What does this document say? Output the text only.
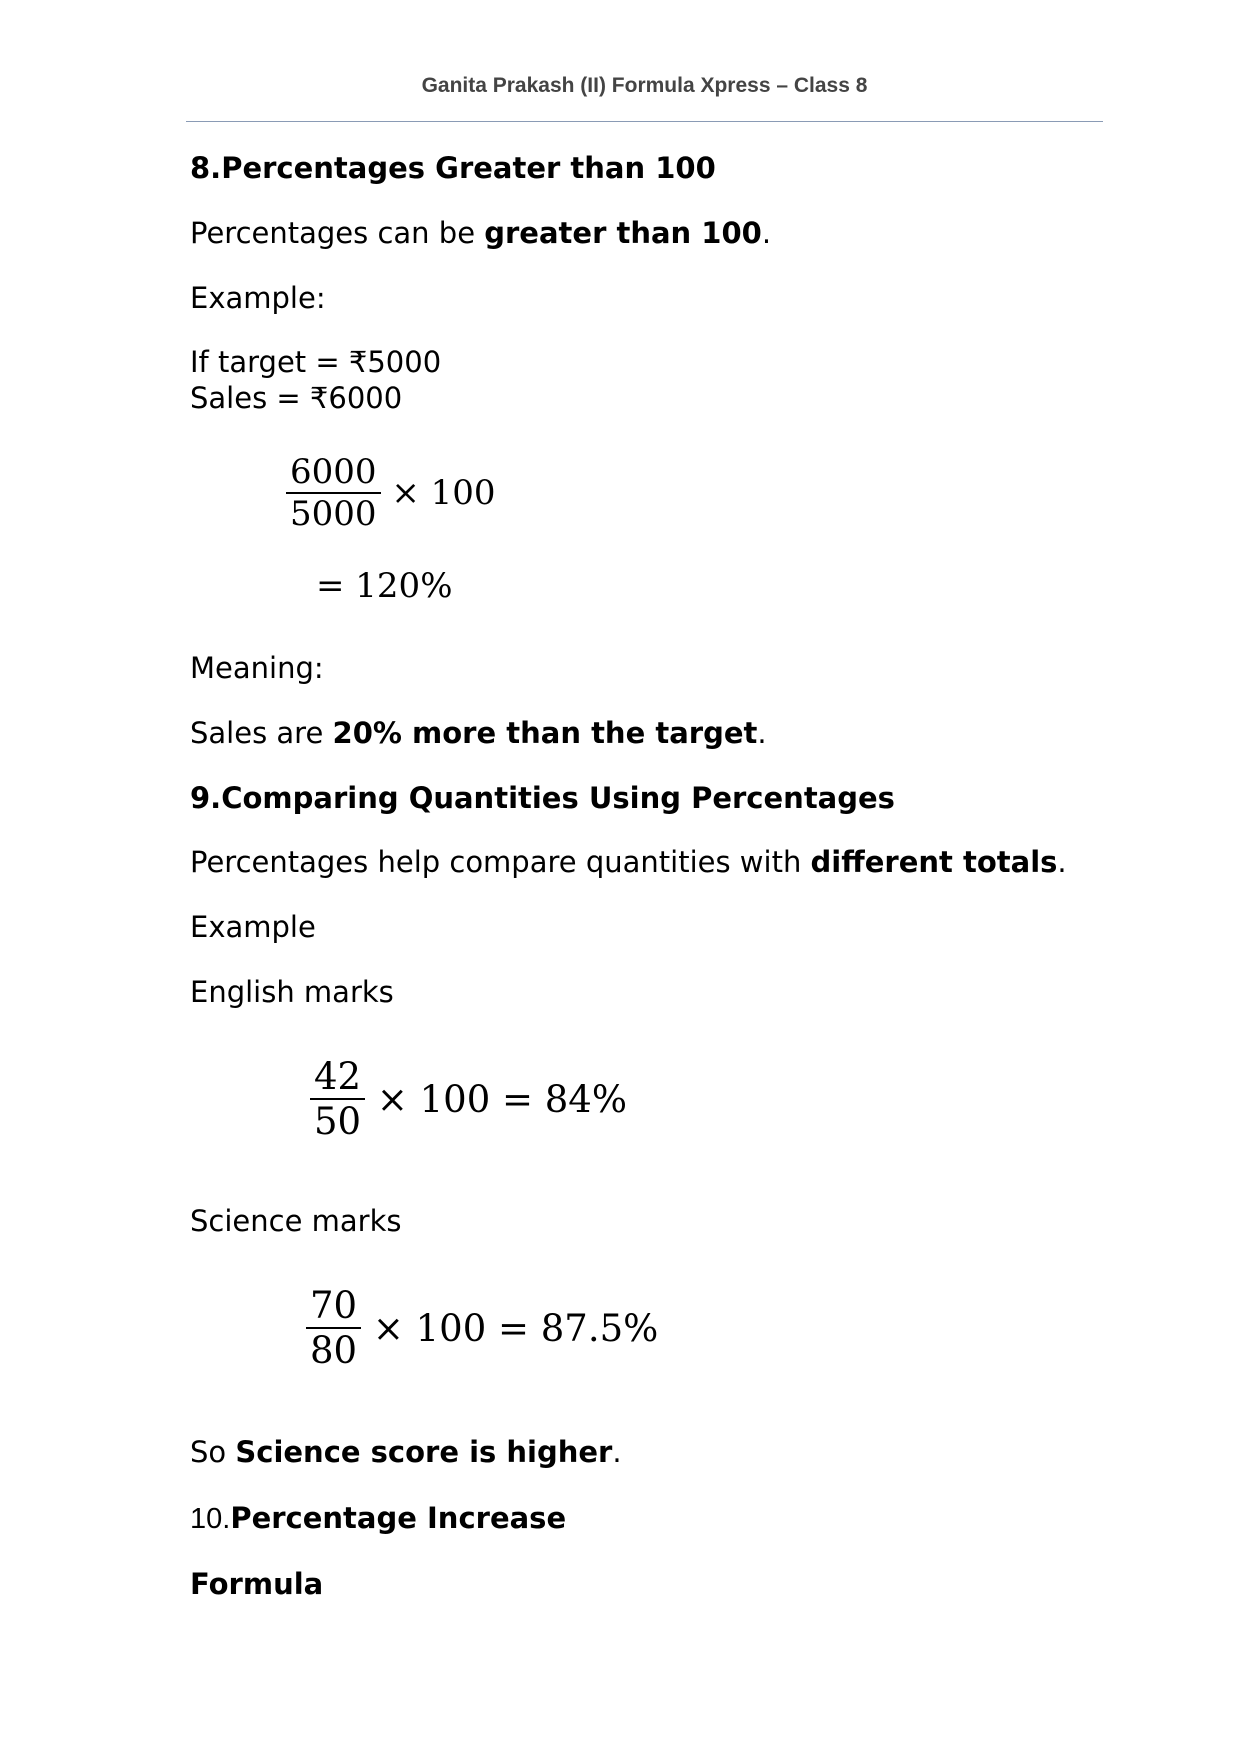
Ganita Prakash (II) Formula Xpress – Class 8
8.Percentages Greater than 100
Percentages can be greater than 100.
Example:
If target = ₹5000
Sales = ₹6000
$\frac{6000}{5000} \times 100$
= 120%
Meaning:
Sales are 20% more than the target.
9.Comparing Quantities Using Percentages
Percentages help compare quantities with different totals.
Example
English marks
$\frac{42}{50} \times 100 = 84\%$
Science marks
$\frac{70}{80} \times 100 = 87.5\%$
So Science score is higher.
10.Percentage Increase
Formula
